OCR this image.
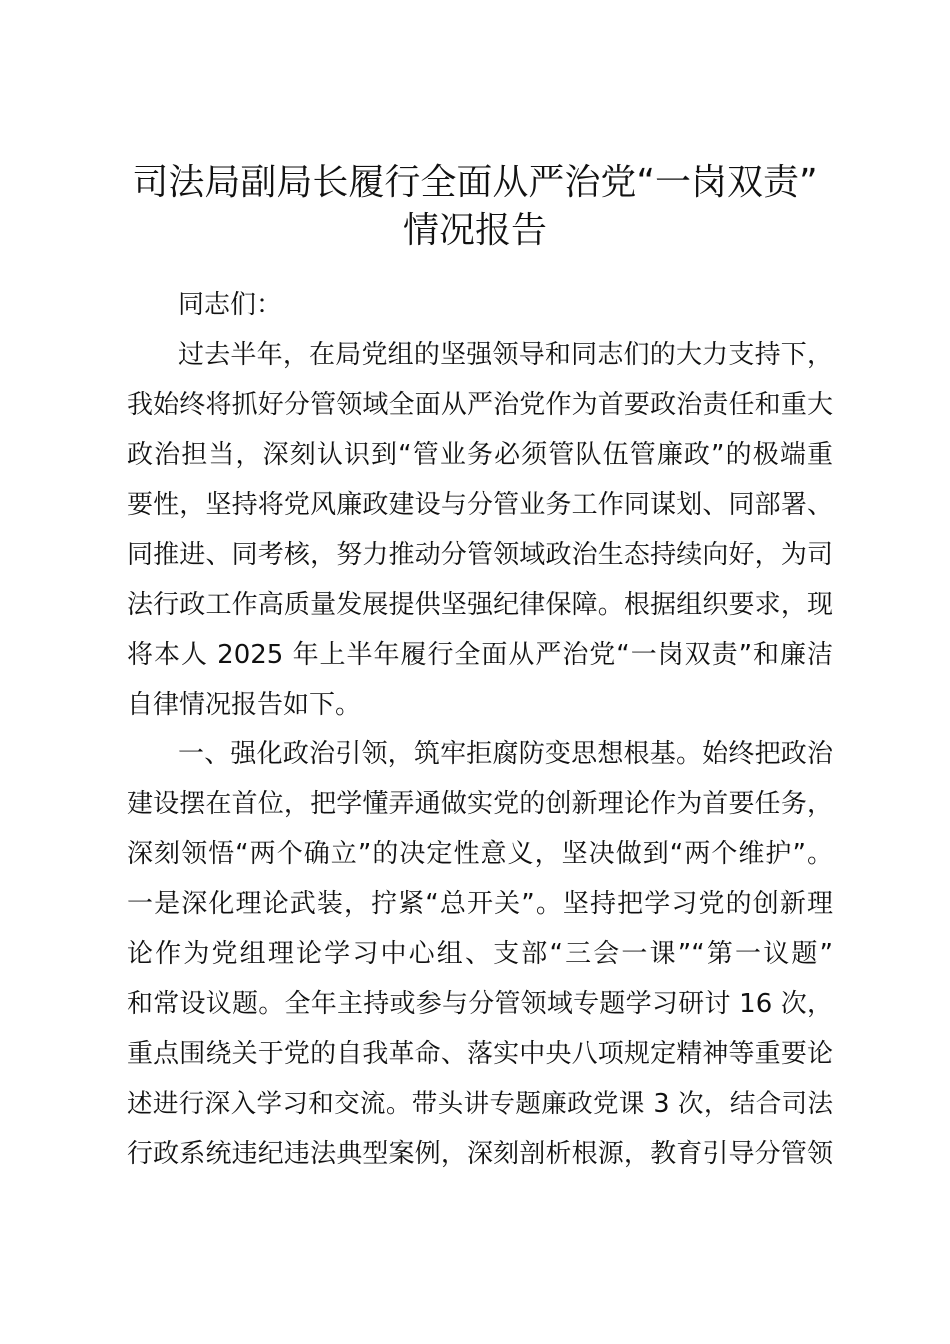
司法局副局长履行全面从严治党“一岗双责”
情况报告
同志们：
过去半年，在局党组的坚强领导和同志们的大力支持下，
我始终将抓好分管领域全面从严治党作为首要政治责任和重大
政治担当，深刻认识到“管业务必须管队伍管廉政”的极端重
要性，坚持将党风廉政建设与分管业务工作同谋划、同部署、
同推进、同考核，努力推动分管领域政治生态持续向好，为司
法行政工作高质量发展提供坚强纪律保障。根据组织要求，现
将本人 2025 年上半年履行全面从严治党“一岗双责”和廉洁
自律情况报告如下。
一、强化政治引领，筑牢拒腐防变思想根基。始终把政治
建设摆在首位，把学懂弄通做实党的创新理论作为首要任务，
深刻领悟“两个确立”的决定性意义，坚决做到“两个维护”。
一是深化理论武装，拧紧“总开关”。坚持把学习党的创新理
论作为党组理论学习中心组、支部“三会一课”“第一议题”
和常设议题。全年主持或参与分管领域专题学习研讨 16 次，
重点围绕关于党的自我革命、落实中央八项规定精神等重要论
述进行深入学习和交流。带头讲专题廉政党课 3 次，结合司法
行政系统违纪违法典型案例，深刻剖析根源，教育引导分管领
